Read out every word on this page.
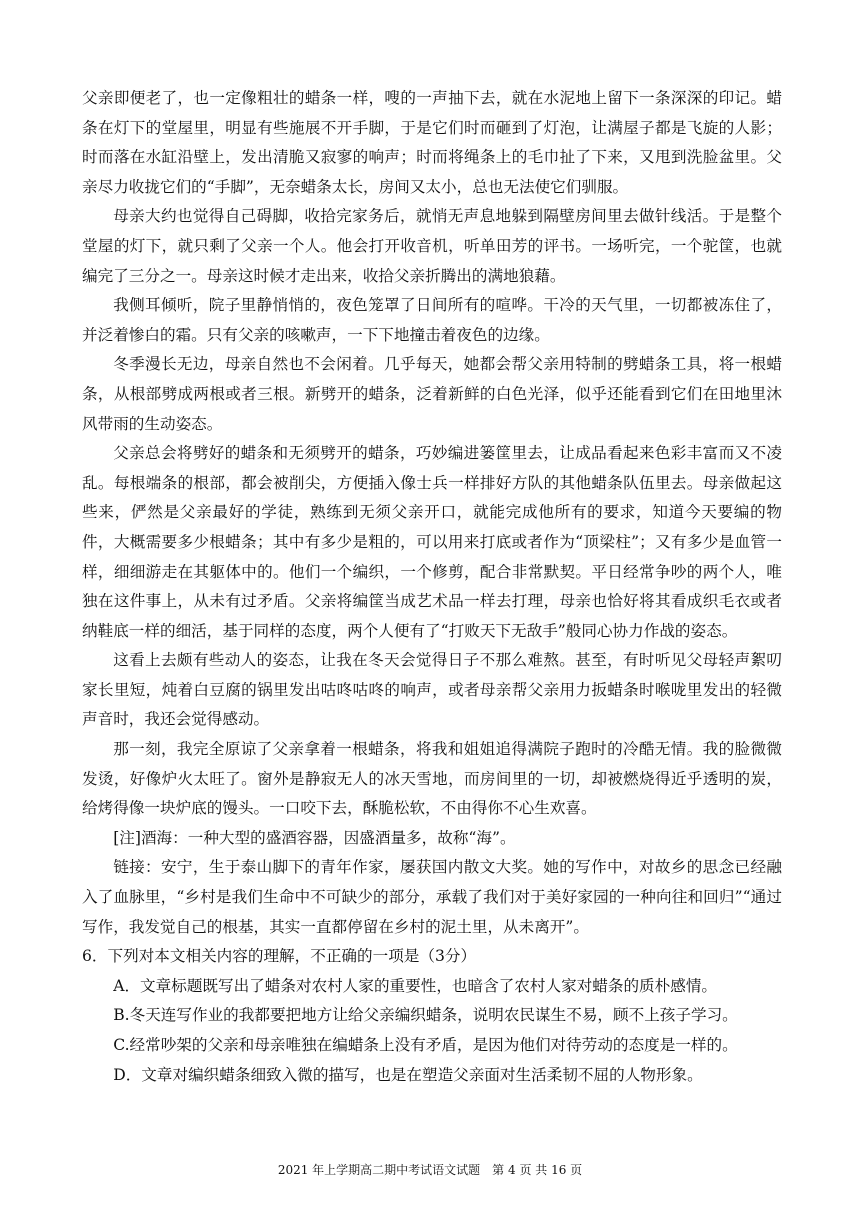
父亲即便老了，也一定像粗壮的蜡条一样，嗖的一声抽下去，就在水泥地上留下一条深深的印记。蜡条在灯下的堂屋里，明显有些施展不开手脚，于是它们时而砸到了灯泡，让满屋子都是飞旋的人影；时而落在水缸沿壁上，发出清脆又寂寥的响声；时而将绳条上的毛巾扯了下来，又甩到洗脸盆里。父亲尽力收拢它们的“手脚”，无奈蜡条太长，房间又太小，总也无法使它们驯服。

母亲大约也觉得自己碍脚，收拾完家务后，就悄无声息地躲到隔壁房间里去做针线活。于是整个堂屋的灯下，就只剩了父亲一个人。他会打开收音机，听单田芳的评书。一场听完，一个驼筐，也就编完了三分之一。母亲这时候才走出来，收拾父亲折腾出的满地狼藉。

我侧耳倾听，院子里静悄悄的，夜色笼罩了日间所有的喧哗。干冷的天气里，一切都被冻住了，并泛着惨白的霜。只有父亲的咳嗽声，一下下地撞击着夜色的边缘。

冬季漫长无边，母亲自然也不会闲着。几乎每天，她都会帮父亲用特制的劈蜡条工具，将一根蜡条，从根部劈成两根或者三根。新劈开的蜡条，泛着新鲜的白色光泽，似乎还能看到它们在田地里沐风带雨的生动姿态。

父亲总会将劈好的蜡条和无须劈开的蜡条，巧妙编进篓筐里去，让成品看起来色彩丰富而又不凌乱。每根端条的根部，都会被削尖，方便插入像士兵一样排好方队的其他蜡条队伍里去。母亲做起这些来，俨然是父亲最好的学徒，熟练到无须父亲开口，就能完成他所有的要求，知道今天要编的物件，大概需要多少根蜡条；其中有多少是粗的，可以用来打底或者作为“顶梁柱”；又有多少是血管一样，细细游走在其躯体中的。他们一个编织，一个修剪，配合非常默契。平日经常争吵的两个人，唯独在这件事上，从未有过矛盾。父亲将编筐当成艺术品一样去打理，母亲也恰好将其看成织毛衣或者纳鞋底一样的细活，基于同样的态度，两个人便有了“打败天下无敌手”般同心协力作战的姿态。

这看上去颇有些动人的姿态，让我在冬天会觉得日子不那么难熬。甚至，有时听见父母轻声絮叨家长里短，炖着白豆腐的锅里发出咕咚咕咚的响声，或者母亲帮父亲用力扳蜡条时喉咙里发出的轻微声音时，我还会觉得感动。

那一刻，我完全原谅了父亲拿着一根蜡条，将我和姐姐追得满院子跑时的冷酷无情。我的脸微微发烫，好像炉火太旺了。窗外是静寂无人的冰天雪地，而房间里的一切，却被燃烧得近乎透明的炭，给烤得像一块炉底的馒头。一口咬下去，酥脆松软，不由得你不心生欢喜。

[注]酒海：一种大型的盛酒容器，因盛酒量多，故称“海”。

链接：安宁，生于泰山脚下的青年作家，屡获国内散文大奖。她的写作中，对故乡的思念已经融入了血脉里，“乡村是我们生命中不可缺少的部分，承载了我们对于美好家园的一种向往和回归”“通过写作，我发觉自己的根基，其实一直都停留在乡村的泥土里，从未离开”。

6．下列对本文相关内容的理解，不正确的一项是（3分）

A．文章标题既写出了蜡条对农村人家的重要性，也暗含了农村人家对蜡条的质朴感情。

B.冬天连写作业的我都要把地方让给父亲编织蜡条，说明农民谋生不易，顾不上孩子学习。

C.经常吵架的父亲和母亲唯独在编蜡条上没有矛盾，是因为他们对待劳动的态度是一样的。

D．文章对编织蜡条细致入微的描写，也是在塑造父亲面对生活柔韧不屈的人物形象。

2021 年上学期高二期中考试语文试题　第 4 页 共 16 页
